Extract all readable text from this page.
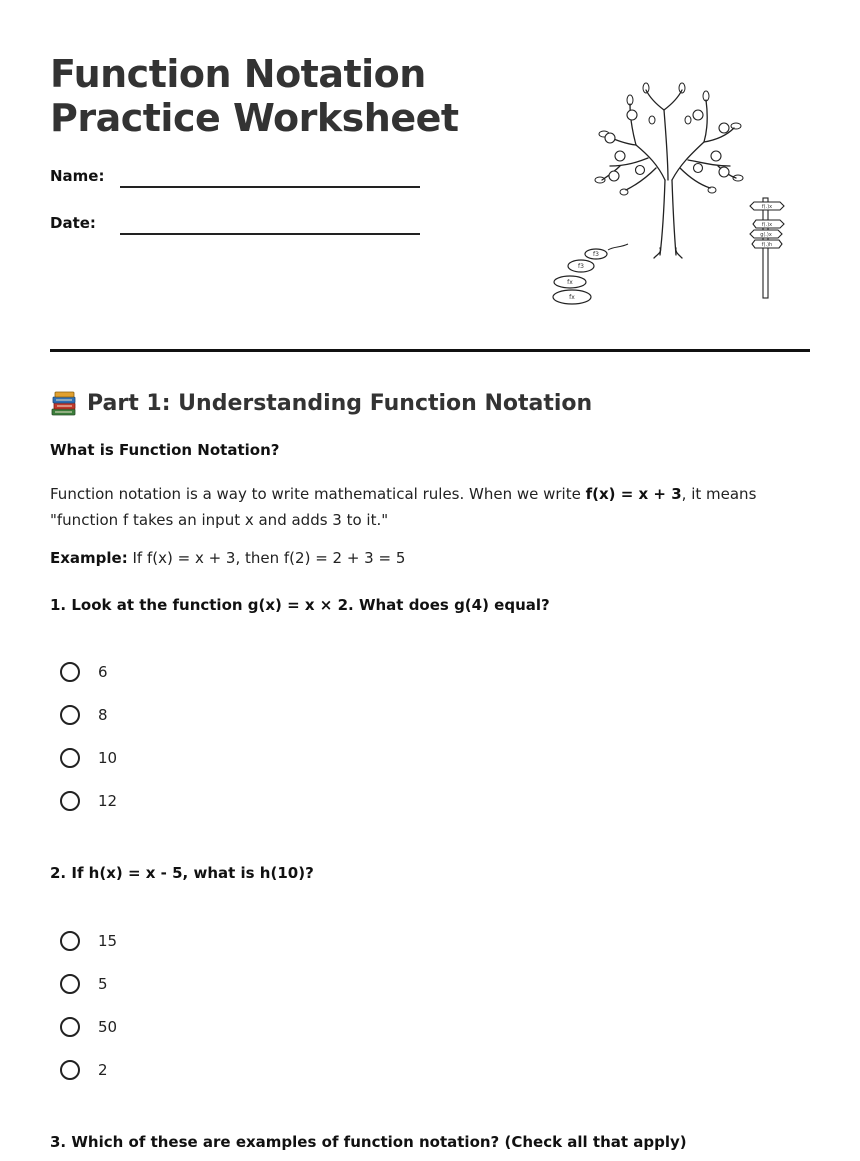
Function Notation
Practice Worksheet
Name:
Date:
f3
f3
fx
fx
f(.)x
f(.)x
g(.)x
f(.)h
Part 1: Understanding Function Notation
What is Function Notation?
Function notation is a way to write mathematical rules. When we write f(x) = x + 3, it means "function f takes an input x and adds 3 to it."
Example: If f(x) = x + 3, then f(2) = 2 + 3 = 5
1. Look at the function g(x) = x × 2. What does g(4) equal?
6
8
10
12
2. If h(x) = x - 5, what is h(10)?
15
5
50
2
3. Which of these are examples of function notation? (Check all that apply)
